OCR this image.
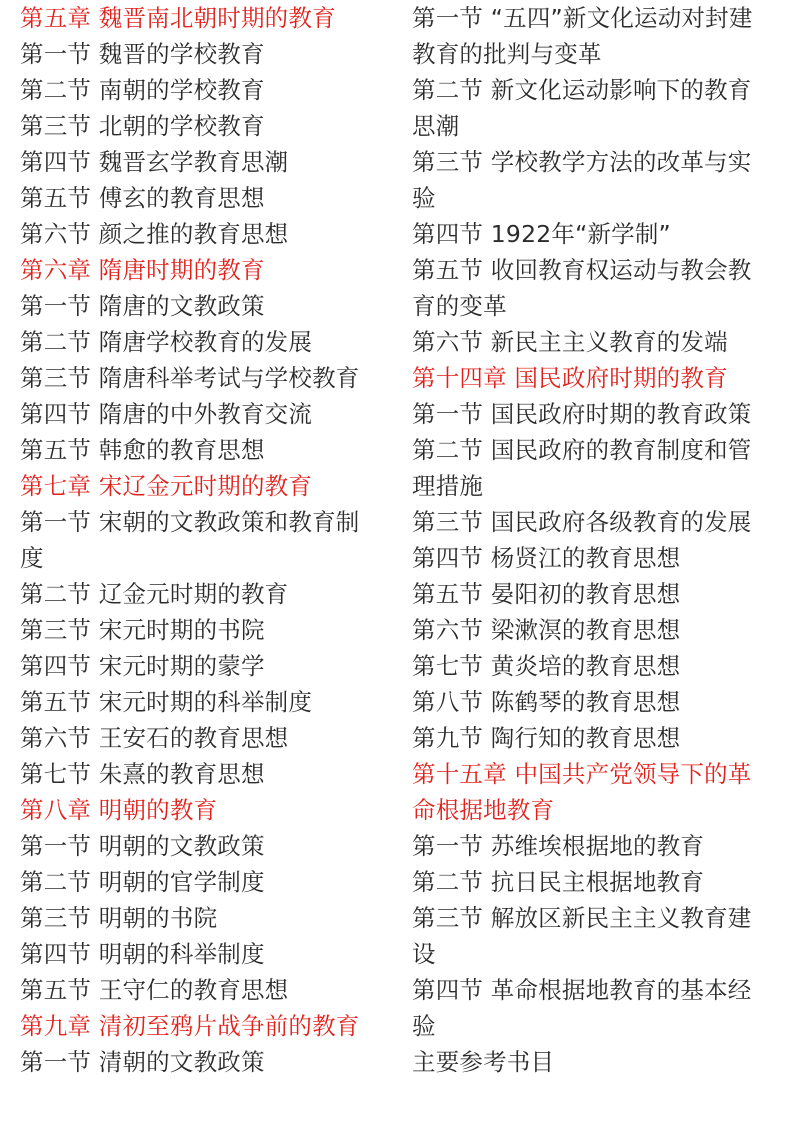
第五章 魏晋南北朝时期的教育
第一节 魏晋的学校教育
第二节 南朝的学校教育
第三节 北朝的学校教育
第四节 魏晋玄学教育思潮
第五节 傅玄的教育思想
第六节 颜之推的教育思想
第六章 隋唐时期的教育
第一节 隋唐的文教政策
第二节 隋唐学校教育的发展
第三节 隋唐科举考试与学校教育
第四节 隋唐的中外教育交流
第五节 韩愈的教育思想
第七章 宋辽金元时期的教育
第一节 宋朝的文教政策和教育制度
第二节 辽金元时期的教育
第三节 宋元时期的书院
第四节 宋元时期的蒙学
第五节 宋元时期的科举制度
第六节 王安石的教育思想
第七节 朱熹的教育思想
第八章 明朝的教育
第一节 明朝的文教政策
第二节 明朝的官学制度
第三节 明朝的书院
第四节 明朝的科举制度
第五节 王守仁的教育思想
第九章 清初至鸦片战争前的教育
第一节 清朝的文教政策
第一节 “五四”新文化运动对封建教育的批判与变革
第二节 新文化运动影响下的教育思潮
第三节 学校教学方法的改革与实验
第四节 1922年“新学制”
第五节 收回教育权运动与教会教育的变革
第六节 新民主主义教育的发端
第十四章 国民政府时期的教育
第一节 国民政府时期的教育政策
第二节 国民政府的教育制度和管理措施
第三节 国民政府各级教育的发展
第四节 杨贤江的教育思想
第五节 晏阳初的教育思想
第六节 梁漱溟的教育思想
第七节 黄炎培的教育思想
第八节 陈鹤琴的教育思想
第九节 陶行知的教育思想
第十五章 中国共产党领导下的革命根据地教育
第一节 苏维埃根据地的教育
第二节 抗日民主根据地教育
第三节 解放区新民主主义教育建设
第四节 革命根据地教育的基本经验
主要参考书目
